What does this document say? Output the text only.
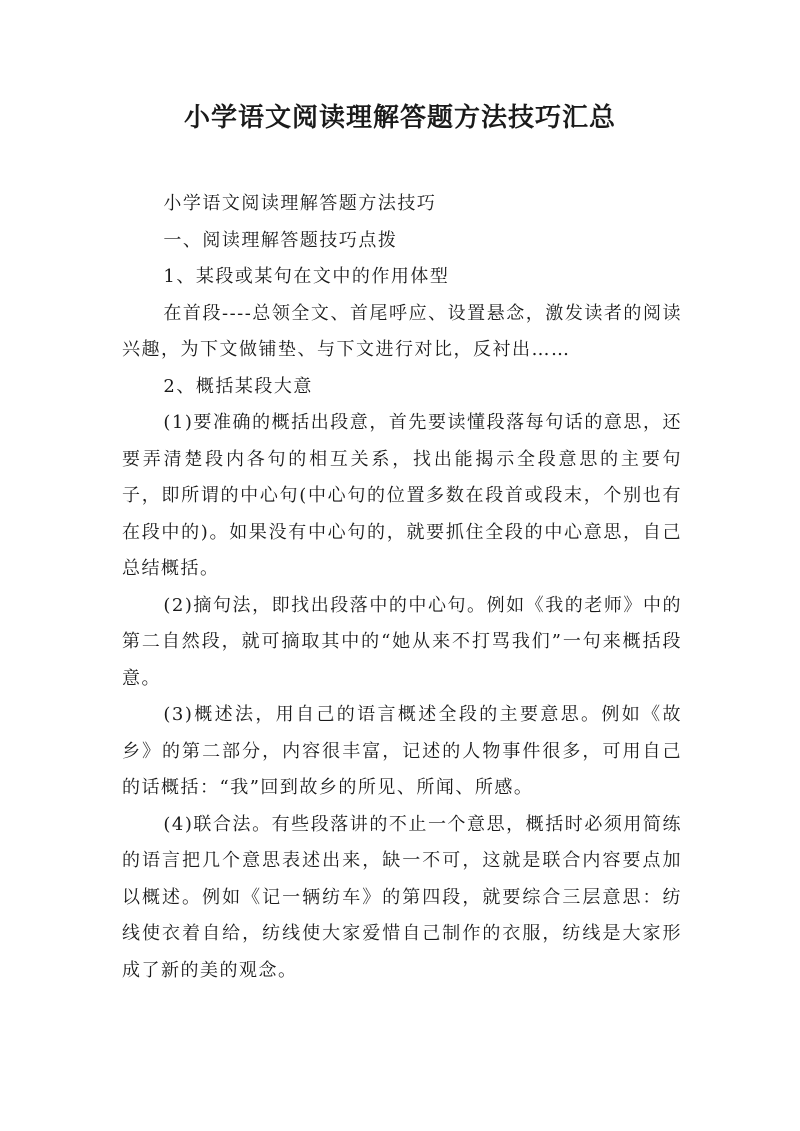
小学语文阅读理解答题方法技巧汇总

小学语文阅读理解答题方法技巧

一、阅读理解答题技巧点拨

1、某段或某句在文中的作用体型

在首段----总领全文、首尾呼应、设置悬念，激发读者的阅读兴趣，为下文做铺垫、与下文进行对比，反衬出……

2、概括某段大意

(1)要准确的概括出段意，首先要读懂段落每句话的意思，还要弄清楚段内各句的相互关系，找出能揭示全段意思的主要句子，即所谓的中心句(中心句的位置多数在段首或段末，个别也有在段中的)。如果没有中心句的，就要抓住全段的中心意思，自己总结概括。

(2)摘句法，即找出段落中的中心句。例如《我的老师》中的第二自然段，就可摘取其中的“她从来不打骂我们”一句来概括段意。

(3)概述法，用自己的语言概述全段的主要意思。例如《故乡》的第二部分，内容很丰富，记述的人物事件很多，可用自己的话概括：“我”回到故乡的所见、所闻、所感。

(4)联合法。有些段落讲的不止一个意思，概括时必须用简练的语言把几个意思表述出来，缺一不可，这就是联合内容要点加以概述。例如《记一辆纺车》的第四段，就要综合三层意思：纺线使衣着自给，纺线使大家爱惜自己制作的衣服，纺线是大家形成了新的美的观念。
